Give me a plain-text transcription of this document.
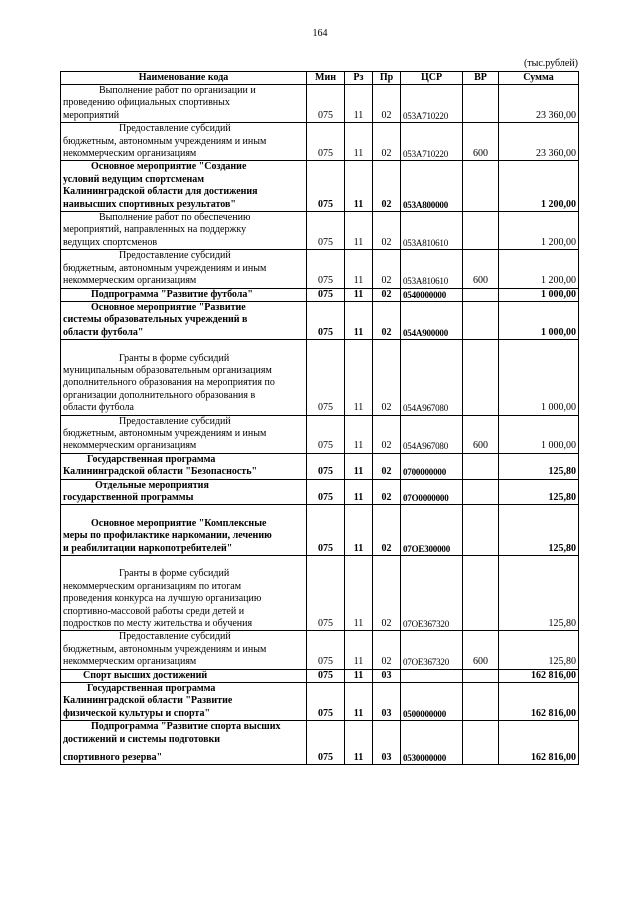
164
(тыс.рублей)
Наименование кода	Мин	Рз	Пр	ЦСР	ВР	Сумма

Выполнение работ по организации и
проведению официальных спортивных
мероприятий	075	11	02	053А710220		23 360,00

Предоставление субсидий
бюджетным, автономным учреждениям и иным
некоммерческим организациям	075	11	02	053А710220	600	23 360,00

Основное мероприятие "Создание
условий ведущим спортсменам
Калининградской области для достижения
наивысших спортивных результатов"	075	11	02	053А800000		1 200,00

Выполнение работ по обеспечению
мероприятий, направленных на поддержку
ведущих спортсменов	075	11	02	053А810610		1 200,00

Предоставление субсидий
бюджетным, автономным учреждениям и иным
некоммерческим организациям	075	11	02	053А810610	600	1 200,00

Подпрограмма "Развитие футбола"	075	11	02	0540000000		1 000,00

Основное мероприятие "Развитие
системы образовательных учреждений в
области футбола"	075	11	02	054А900000		1 000,00

Гранты в форме субсидий
муниципальным образовательным организациям
дополнительного образования на мероприятия по
организации дополнительного образования в
области футбола	075	11	02	054А967080		1 000,00

Предоставление субсидий
бюджетным, автономным учреждениям и иным
некоммерческим организациям	075	11	02	054А967080	600	1 000,00

Государственная программа
Калининградской области "Безопасность"	075	11	02	0700000000		125,80

Отдельные мероприятия
государственной программы	075	11	02	07О0000000		125,80

Основное мероприятие "Комплексные
меры по профилактике наркомании, лечению
и реабилитации наркопотребителей"	075	11	02	07ОЕ300000		125,80

Гранты в форме субсидий
некоммерческим организациям по итогам
проведения конкурса на лучшую организацию
спортивно-массовой работы среди детей и
подростков по месту жительства и обучения	075	11	02	07ОЕ367320		125,80

Предоставление субсидий
бюджетным, автономным учреждениям и иным
некоммерческим организациям	075	11	02	07ОЕ367320	600	125,80

Спорт высших достижений	075	11	03			162 816,00

Государственная программа
Калининградской области "Развитие
физической культуры и спорта"	075	11	03	0500000000		162 816,00

Подпрограмма "Развитие спорта высших
достижений и системы подготовки
спортивного резерва"	075	11	03	0530000000		162 816,00
